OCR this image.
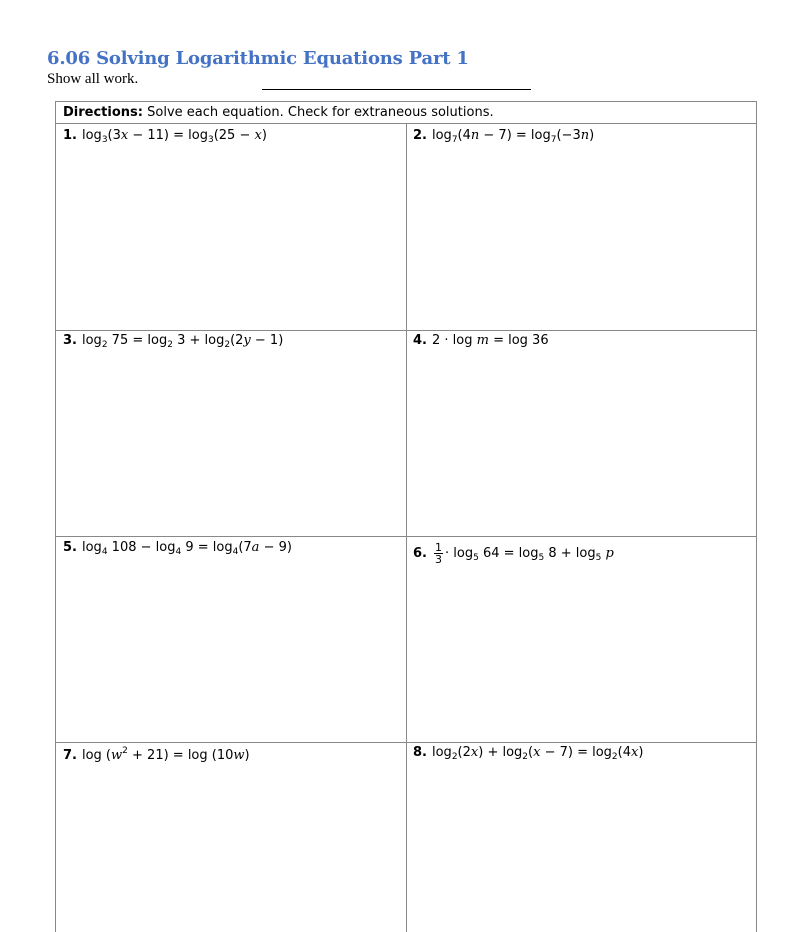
6.06 Solving Logarithmic Equations Part 1
Show all work.
Directions: Solve each equation. Check for extraneous solutions.
1. $\log_3(3x - 11) = \log_3(25 - x)$	2. $\log_7(4n - 7) = \log_7(-3n)$
3. $\log_2 75 = \log_2 3 + \log_2(2y - 1)$	4. 2 · log m = log 36
5. $\log_4 108 - \log_4 9 = \log_4(7a - 9)$	6. $\frac{1}{3} \cdot \log_5 64 = \log_5 8 + \log_5 p$
7. $\log (w^2 + 21) = \log (10w)$	8. $\log_2(2x) + \log_2(x - 7) = \log_2(4x)$
